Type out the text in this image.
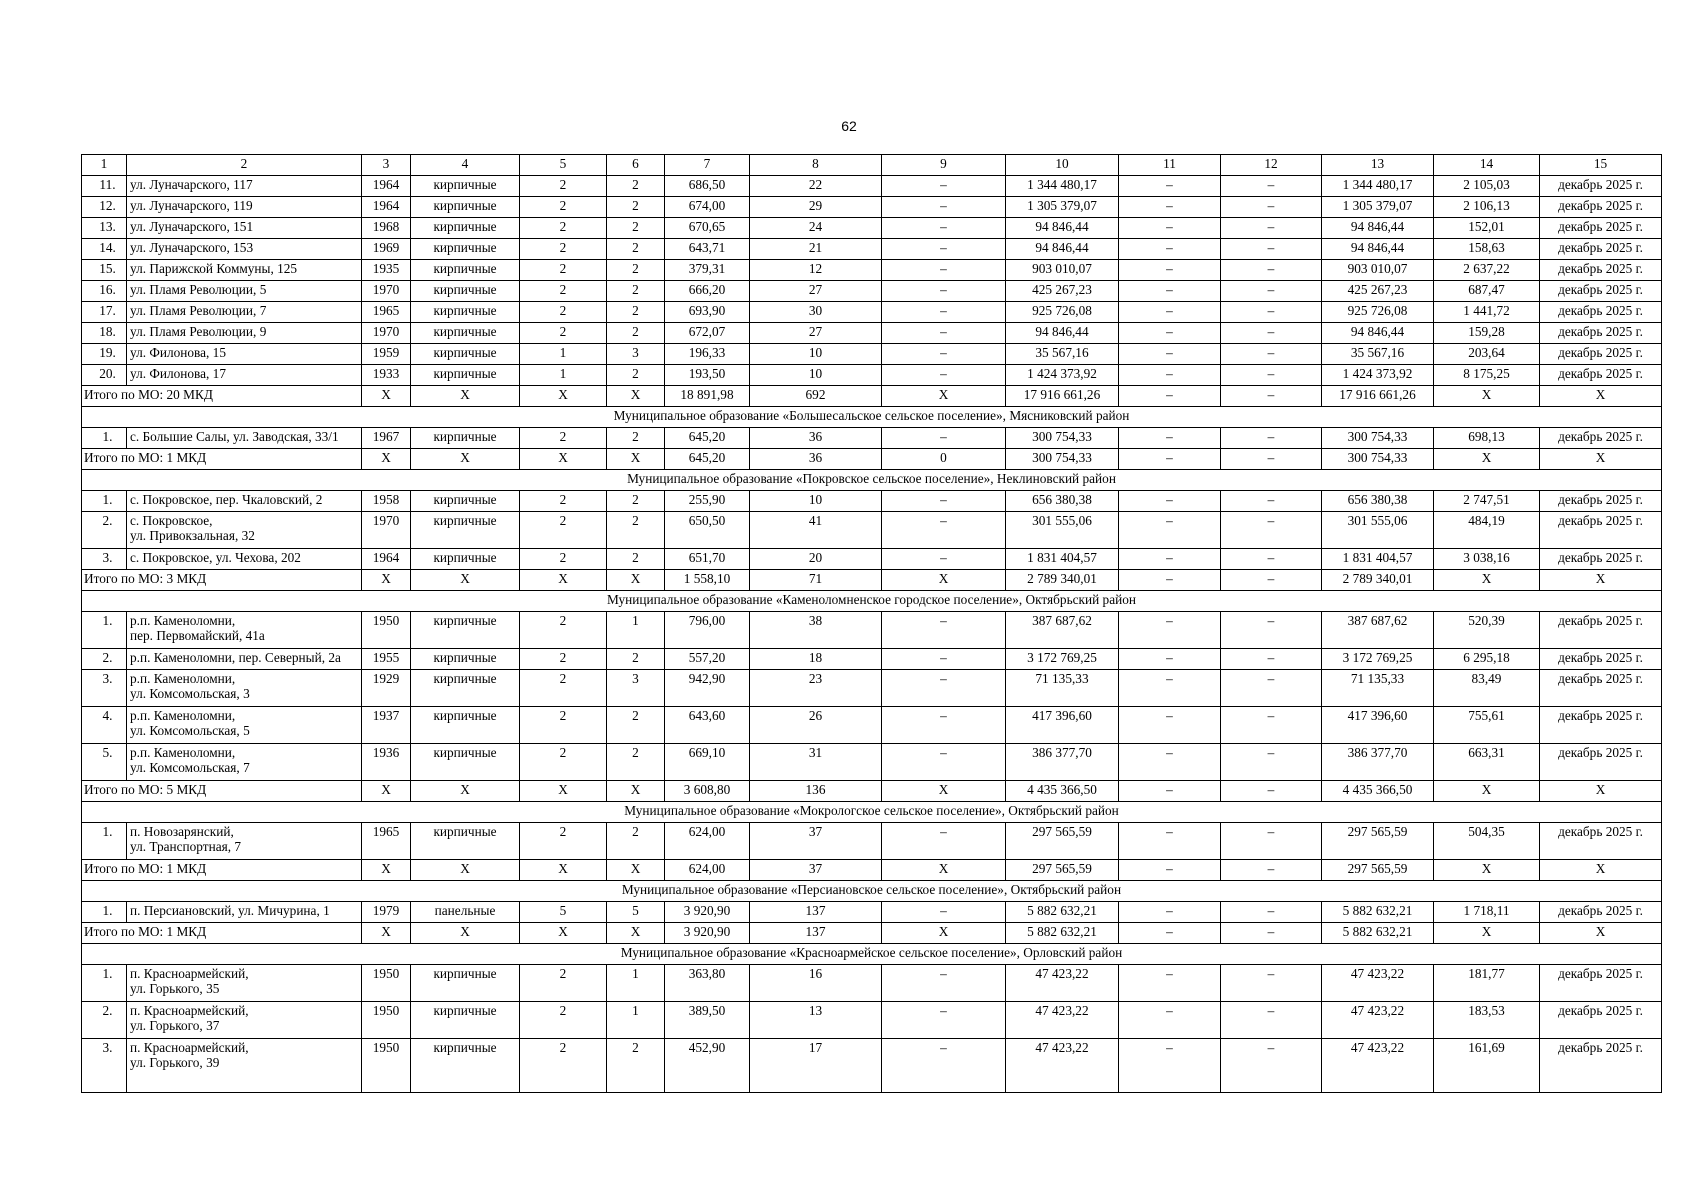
62
1	2	3	4	5	6	7	8	9	10	11	12	13	14	15
11.	ул. Луначарского, 117	1964	кирпичные	2	2	686,50	22	–	1 344 480,17	–	–	1 344 480,17	2 105,03	декабрь 2025 г.
12.	ул. Луначарского, 119	1964	кирпичные	2	2	674,00	29	–	1 305 379,07	–	–	1 305 379,07	2 106,13	декабрь 2025 г.
13.	ул. Луначарского, 151	1968	кирпичные	2	2	670,65	24	–	94 846,44	–	–	94 846,44	152,01	декабрь 2025 г.
14.	ул. Луначарского, 153	1969	кирпичные	2	2	643,71	21	–	94 846,44	–	–	94 846,44	158,63	декабрь 2025 г.
15.	ул. Парижской Коммуны, 125	1935	кирпичные	2	2	379,31	12	–	903 010,07	–	–	903 010,07	2 637,22	декабрь 2025 г.
16.	ул. Пламя Революции, 5	1970	кирпичные	2	2	666,20	27	–	425 267,23	–	–	425 267,23	687,47	декабрь 2025 г.
17.	ул. Пламя Революции, 7	1965	кирпичные	2	2	693,90	30	–	925 726,08	–	–	925 726,08	1 441,72	декабрь 2025 г.
18.	ул. Пламя Революции, 9	1970	кирпичные	2	2	672,07	27	–	94 846,44	–	–	94 846,44	159,28	декабрь 2025 г.
19.	ул. Филонова, 15	1959	кирпичные	1	3	196,33	10	–	35 567,16	–	–	35 567,16	203,64	декабрь 2025 г.
20.	ул. Филонова, 17	1933	кирпичные	1	2	193,50	10	–	1 424 373,92	–	–	1 424 373,92	8 175,25	декабрь 2025 г.
Итого по МО: 20 МКД		X	X	X	X	18 891,98	692	X	17 916 661,26	–	–	17 916 661,26	X	X
Муниципальное образование «Большесальское сельское поселение», Мясниковский район														
1.	с. Большие Салы, ул. Заводская, 33/1	1967	кирпичные	2	2	645,20	36	–	300 754,33	–	–	300 754,33	698,13	декабрь 2025 г.
Итого по МО: 1 МКД		X	X	X	X	645,20	36	0	300 754,33	–	–	300 754,33	X	X
Муниципальное образование «Покровское сельское поселение», Неклиновский район														
1.	с. Покровское, пер. Чкаловский, 2	1958	кирпичные	2	2	255,90	10	–	656 380,38	–	–	656 380,38	2 747,51	декабрь 2025 г.
2.	с. Покровское,
ул. Привокзальная, 32	1970	кирпичные	2	2	650,50	41	–	301 555,06	–	–	301 555,06	484,19	декабрь 2025 г.
3.	с. Покровское, ул. Чехова, 202	1964	кирпичные	2	2	651,70	20	–	1 831 404,57	–	–	1 831 404,57	3 038,16	декабрь 2025 г.
Итого по МО: 3 МКД		X	X	X	X	1 558,10	71	X	2 789 340,01	–	–	2 789 340,01	X	X
Муниципальное образование «Каменоломненское городское поселение», Октябрьский район														
1.	р.п. Каменоломни,
пер. Первомайский, 41а	1950	кирпичные	2	1	796,00	38	–	387 687,62	–	–	387 687,62	520,39	декабрь 2025 г.
2.	р.п. Каменоломни, пер. Северный, 2а	1955	кирпичные	2	2	557,20	18	–	3 172 769,25	–	–	3 172 769,25	6 295,18	декабрь 2025 г.
3.	р.п. Каменоломни,
ул. Комсомольская, 3	1929	кирпичные	2	3	942,90	23	–	71 135,33	–	–	71 135,33	83,49	декабрь 2025 г.
4.	р.п. Каменоломни,
ул. Комсомольская, 5	1937	кирпичные	2	2	643,60	26	–	417 396,60	–	–	417 396,60	755,61	декабрь 2025 г.
5.	р.п. Каменоломни,
ул. Комсомольская, 7	1936	кирпичные	2	2	669,10	31	–	386 377,70	–	–	386 377,70	663,31	декабрь 2025 г.
Итого по МО: 5 МКД		X	X	X	X	3 608,80	136	X	4 435 366,50	–	–	4 435 366,50	X	X
Муниципальное образование «Мокрологское сельское поселение», Октябрьский район														
1.	п. Новозарянский,
ул. Транспортная, 7	1965	кирпичные	2	2	624,00	37	–	297 565,59	–	–	297 565,59	504,35	декабрь 2025 г.
Итого по МО: 1 МКД		X	X	X	X	624,00	37	X	297 565,59	–	–	297 565,59	X	X
Муниципальное образование «Персиановское сельское поселение», Октябрьский район														
1.	п. Персиановский, ул. Мичурина, 1	1979	панельные	5	5	3 920,90	137	–	5 882 632,21	–	–	5 882 632,21	1 718,11	декабрь 2025 г.
Итого по МО: 1 МКД		X	X	X	X	3 920,90	137	X	5 882 632,21	–	–	5 882 632,21	X	X
Муниципальное образование «Красноармейское сельское поселение», Орловский район														
1.	п. Красноармейский,
ул. Горького, 35	1950	кирпичные	2	1	363,80	16	–	47 423,22	–	–	47 423,22	181,77	декабрь 2025 г.
2.	п. Красноармейский,
ул. Горького, 37	1950	кирпичные	2	1	389,50	13	–	47 423,22	–	–	47 423,22	183,53	декабрь 2025 г.
3.	п. Красноармейский,
ул. Горького, 39	1950	кирпичные	2	2	452,90	17	–	47 423,22	–	–	47 423,22	161,69	декабрь 2025 г.
